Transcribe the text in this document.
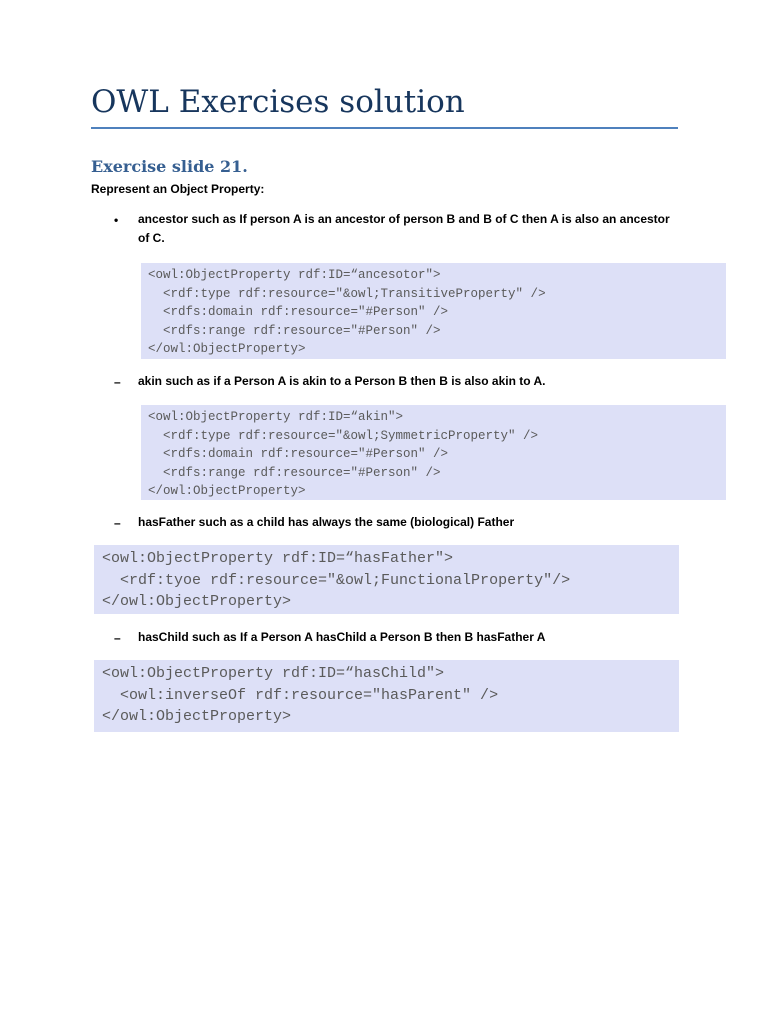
OWL Exercises solution
Exercise slide 21.
Represent an Object Property:
• ancestor such as If person A is an ancestor of person B and B of C then A is also an ancestor of C.
<owl:ObjectProperty rdf:ID=“ancesotor">
<rdf:type rdf:resource="&owl;TransitiveProperty" />
<rdfs:domain rdf:resource="#Person" />
<rdfs:range rdf:resource="#Person" />
</owl:ObjectProperty>
– akin such as if a Person A is akin to a Person B then B is also akin to A.
<owl:ObjectProperty rdf:ID=“akin">
<rdf:type rdf:resource="&owl;SymmetricProperty" />
<rdfs:domain rdf:resource="#Person" />
<rdfs:range rdf:resource="#Person" />
</owl:ObjectProperty>
– hasFather such as a child has always the same (biological) Father
<owl:ObjectProperty rdf:ID=“hasFather">
<rdf:tyoe rdf:resource="&owl;FunctionalProperty"/>
</owl:ObjectProperty>
– hasChild such as If a Person A hasChild a Person B then B hasFather A
<owl:ObjectProperty rdf:ID=“hasChild">
<owl:inverseOf rdf:resource="hasParent" />
</owl:ObjectProperty>
